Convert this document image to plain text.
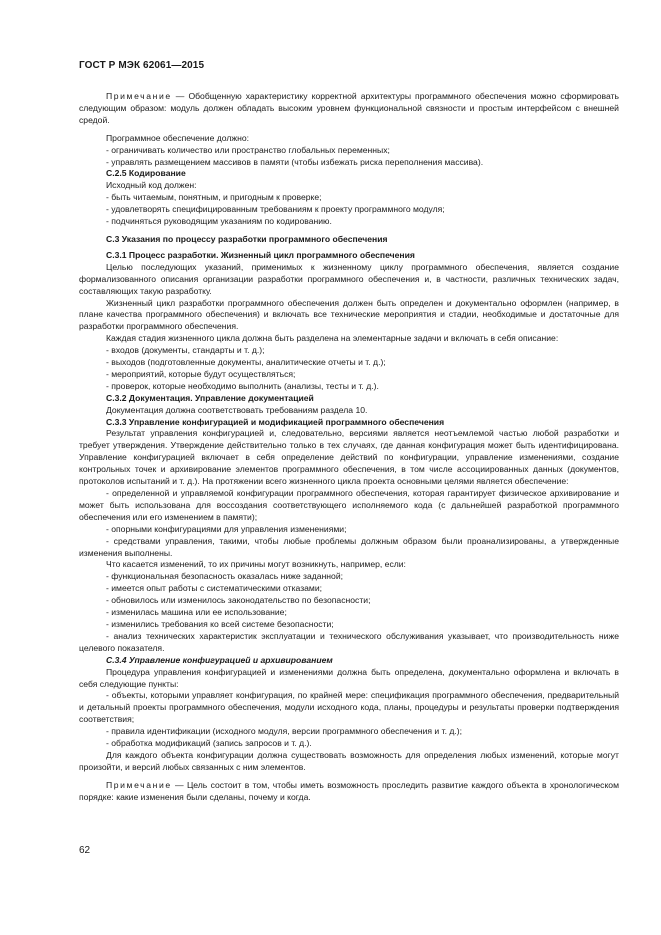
ГОСТ Р МЭК 62061—2015

Примечание — Обобщенную характеристику корректной архитектуры программного обеспечения можно сформировать следующим образом: модуль должен обладать высоким уровнем функциональной связности и простым интерфейсом с внешней средой.

Программное обеспечение должно:

- ограничивать количество или пространство глобальных переменных;

- управлять размещением массивов в памяти (чтобы избежать риска переполнения массива).

С.2.5 Кодирование

Исходный код должен:

- быть читаемым, понятным, и пригодным к проверке;

- удовлетворять специфицированным требованиям к проекту программного модуля;

- подчиняться руководящим указаниям по кодированию.

С.3 Указания по процессу разработки программного обеспечения

С.3.1 Процесс разработки. Жизненный цикл программного обеспечения

Целью последующих указаний, применимых к жизненному циклу программного обеспечения, является создание формализованного описания организации разработки программного обеспечения и, в частности, различных технических задач, составляющих такую разработку.

Жизненный цикл разработки программного обеспечения должен быть определен и документально оформлен (например, в плане качества программного обеспечения) и включать все технические мероприятия и стадии, необходимые и достаточные для разработки программного обеспечения.

Каждая стадия жизненного цикла должна быть разделена на элементарные задачи и включать в себя описание:

- входов (документы, стандарты и т. д.);

- выходов (подготовленные документы, аналитические отчеты и т. д.);

- мероприятий, которые будут осуществляться;

- проверок, которые необходимо выполнить (анализы, тесты и т. д.).

С.3.2 Документация. Управление документацией

Документация должна соответствовать требованиям раздела 10.

С.3.3 Управление конфигурацией и модификацией программного обеспечения

Результат управления конфигурацией и, следовательно, версиями является неотъемлемой частью любой разработки и требует утверждения. Утверждение действительно только в тех случаях, где данная конфигурация может быть идентифицирована. Управление конфигурацией включает в себя определение действий по конфигурации, управление изменениями, создание контрольных точек и архивирование элементов программного обеспечения, в том числе ассоциированных данных (документов, протоколов испытаний и т. д.). На протяжении всего жизненного цикла проекта основными целями является обеспечение:

- определенной и управляемой конфигурации программного обеспечения, которая гарантирует физическое архивирование и может быть использована для воссоздания соответствующего исполняемого кода (с дальнейшей разработкой программного обеспечения или его изменением в памяти);

- опорными конфигурациями для управления изменениями;

- средствами управления, такими, чтобы любые проблемы должным образом были проанализированы, а утвержденные изменения выполнены.

Что касается изменений, то их причины могут возникнуть, например, если:

- функциональная безопасность оказалась ниже заданной;

- имеется опыт работы с систематическими отказами;

- обновилось или изменилось законодательство по безопасности;

- изменилась машина или ее использование;

- изменились требования ко всей системе безопасности;

- анализ технических характеристик эксплуатации и технического обслуживания указывает, что производительность ниже целевого показателя.

С.3.4 Управление конфигурацией и архивированием

Процедура управления конфигурацией и изменениями должна быть определена, документально оформлена и включать в себя следующие пункты:

- объекты, которыми управляет конфигурация, по крайней мере: спецификация программного обеспечения, предварительный и детальный проекты программного обеспечения, модули исходного кода, планы, процедуры и результаты проверки подтверждения соответствия;

- правила идентификации (исходного модуля, версии программного обеспечения и т. д.);

- обработка модификаций (запись запросов и т. д.).

Для каждого объекта конфигурации должна существовать возможность для определения любых изменений, которые могут произойти, и версий любых связанных с ним элементов.

Примечание — Цель состоит в том, чтобы иметь возможность проследить развитие каждого объекта в хронологическом порядке: какие изменения были сделаны, почему и когда.

62
